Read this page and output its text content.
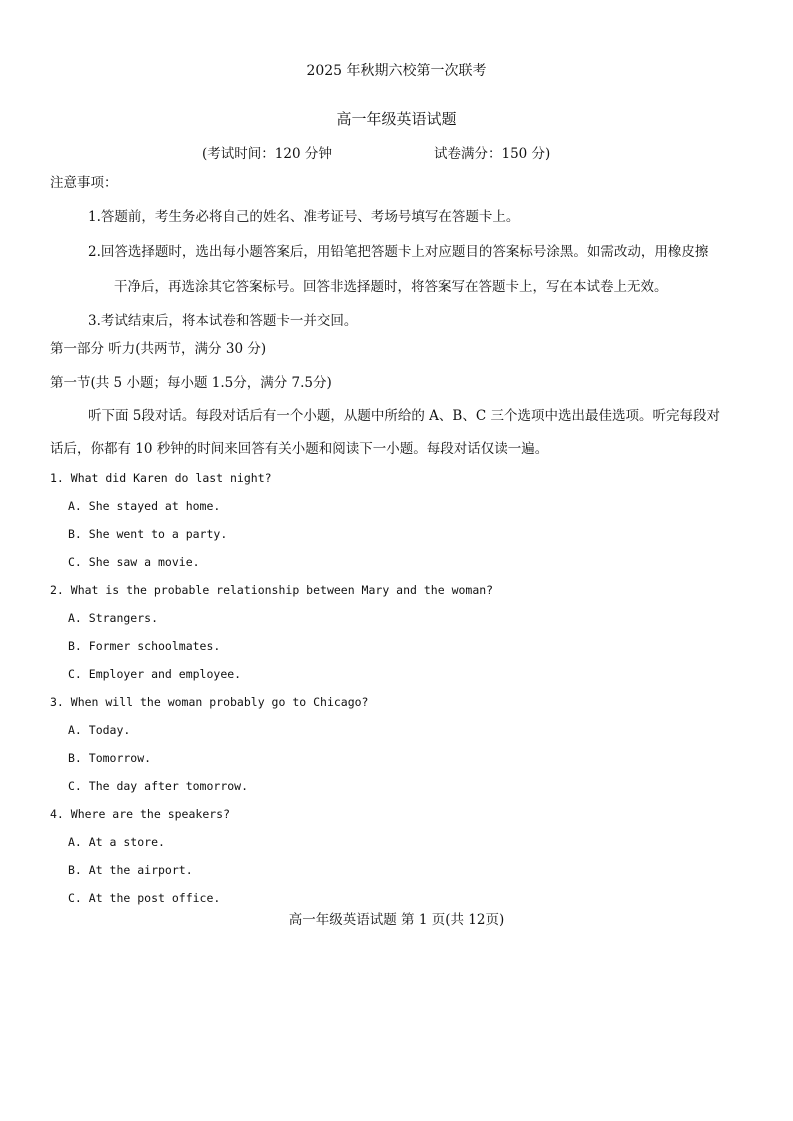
2025 年秋期六校第一次联考
高一年级英语试题
(考试时间：120 分钟	试卷满分：150 分)
注意事项：
1.答题前，考生务必将自己的姓名、准考证号、考场号填写在答题卡上。
2.回答选择题时，选出每小题答案后，用铅笔把答题卡上对应题目的答案标号涂黑。如需改动，用橡皮擦
干净后，再选涂其它答案标号。回答非选择题时，将答案写在答题卡上，写在本试卷上无效。
3.考试结束后，将本试卷和答题卡一并交回。
第一部分 听力(共两节，满分 30 分)
第一节(共 5 小题；每小题 1.5分，满分 7.5分)
听下面 5段对话。每段对话后有一个小题，从题中所给的 A、B、C 三个选项中选出最佳选项。听完每段对
话后，你都有 10 秒钟的时间来回答有关小题和阅读下一小题。每段对话仅读一遍。
1. What did Karen do last night?
A. She stayed at home.
B. She went to a party.
C. She saw a movie.
2. What is the probable relationship between Mary and the woman?
A. Strangers.
B. Former schoolmates.
C. Employer and employee.
3. When will the woman probably go to Chicago?
A. Today.
B. Tomorrow.
C. The day after tomorrow.
4. Where are the speakers?
A. At a store.
B. At the airport.
C. At the post office.
高一年级英语试题 第 1 页(共 12页)
